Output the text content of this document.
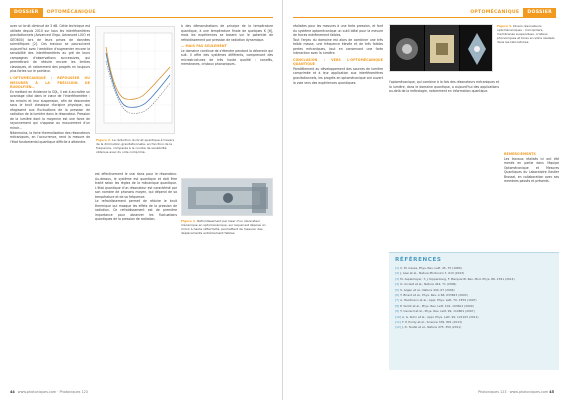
DOSSIER	OPTOMÉCANIQUE

avec un bruit diminué de 3 dB. Cette technique est utilisée depuis 2010 sur tous les interféromètres gravitationnels (Advanced Virgo, Advanced LIGO et GEO600) lors de leurs prises de données scientifiques [2]. Ces travaux se poursuivent aujourd'hui avec l'ambition d'augmenter encore la sensibilité des interféromètres au gré de leurs campagnes d'observations successives, qui permettront de réduire encore les limites classiques, et notamment des progrès en toujours plus fortes sur le pointeur.

L'OPTOMÉCANIQUE : REPOUSSER OU MESURER À LA PRÉCISION DE RUDOLFIEN…

En mettant en évidence la SQL, il est à accroître un avantage vital dans le cœur de l'interféromètre : les miroirs et leur suspension, afin de descendre sous le bruit classique d'origine physique, qui réagissent aux fluctuations de la pression de radiation de la lumière dans le résonateur. Pression de la lumière dont la moyenne est une force de rayonnement qui s'oppose au mouvement d'un miroir…

Néanmoins, la forte thermalisation des résonateurs mécaniques, en l'occurrence, rend la mesure de l'état fondamental quantique difficile à atteindre.	Figure 2. La réduction du bruit quantique à travers de la diminution gravitationnelle, en fonction de la fréquence, comparée à la courbe de sensibilité obtenue avec du vide comprimé.

est effectivement le vrai dans pour le résonateur. Au-dessus, le système est quantique et doit être traité selon les règles de la mécanique quantique. L'état quantique d'un résonateur est caractérisé par son nombre de phonons moyen, qui dépend de sa température et de sa fréquence.

Le refroidissement permet de réduire le bruit thermique qui masque les effets de la pression de radiation. Ce refroidissement est de première importance pour observer les fluctuations quantiques de la pression de radiation.

à des démonstrations de principe de la température quantique, à une température finale de quelques K [6], mais les expériences se basent sur le potentiel de refroidissement par pression de radiation dynamique.

… MAIS PAS SEULEMENT

Le domaine continue de s'étendre pendant la décennie qui suit. Il offre des systèmes différents, comprenant des microstructures de très haute qualité : nanofils, membranes, cristaux phononiques.

Figure 3. Refroidissement par laser d'un résonateur mécanique en optomécanique, sur lequel est déposé un miroir à haute réflectivité, permettant de mesurer des déplacements extrêmement faibles.
44 www.photoniques.com · Photoniques 123
OPTOMÉCANIQUE	DOSSIER

réalisées pour les mesures à une forte pression, et font du système optomécanique un outil idéal pour la mesure de forces extrêmement faibles.

Tout l'enjeu du domaine est alors de combiner une très faible masse, une fréquence élevée et de très faibles pertes mécaniques, tout en conservant une forte interaction avec la lumière.

CONCLUSION : VERS L'OPTOMÉCANIQUE QUANTIQUE

Parallèlement au développement des sources de lumière comprimée et à leur application aux interféromètres gravitationnels, les progrès en optomécanique ont ouvert la voie vers des expériences quantiques.

Figure 4. Divers résonateurs optomécaniques : micropiliers, membranes suspendues, cristaux phononiques et tores en silice réalisés dans les laboratoires.

l'optomécanique, qui combine à la fois des résonateurs mécaniques et la lumière, dans le domaine quantique, a aujourd'hui des applications au-delà de la métrologie, notamment en information quantique.

REMERCIEMENTS

Les travaux réalisés ici ont été menés en partie dans l'équipe Optomécanique et Mesures Quantiques du Laboratoire Kastler Brossel, en collaboration avec ses membres passés et présents.

RÉFÉRENCES
[1]C. M. Caves, Phys. Rev. Lett. 45, 75 (1980)
[2]J. Aasi et al., Nature Photonics 7, 613 (2013)
[3]M. Aspelmeyer, T. J. Kippenberg, F. Marquardt, Rev. Mod. Phys. 86, 1391 (2014)
[4]O. Arcizet et al., Nature 444, 71 (2006)
[5]S. Gigan et al., Nature 444, 67 (2006)
[6]T. Briant et al., Phys. Rev. A 68, 033823 (2003)
[7]A. Heidmann et al., Appl. Phys. Lett. 70, 3359 (1997)
[8]P. Verlot et al., Phys. Rev. Lett. 102, 103601 (2009)
[9]T. Caniard et al., Phys. Rev. Lett. 99, 110801 (2007)
[10]A. G. Kuhn et al., Appl. Phys. Lett. 99, 121103 (2011)
[11]T. P. Purdy et al., Science 339, 801 (2013)
[12]J. D. Teufel et al., Nature 475, 359 (2011)
Photoniques 123 · www.photoniques.com 45
